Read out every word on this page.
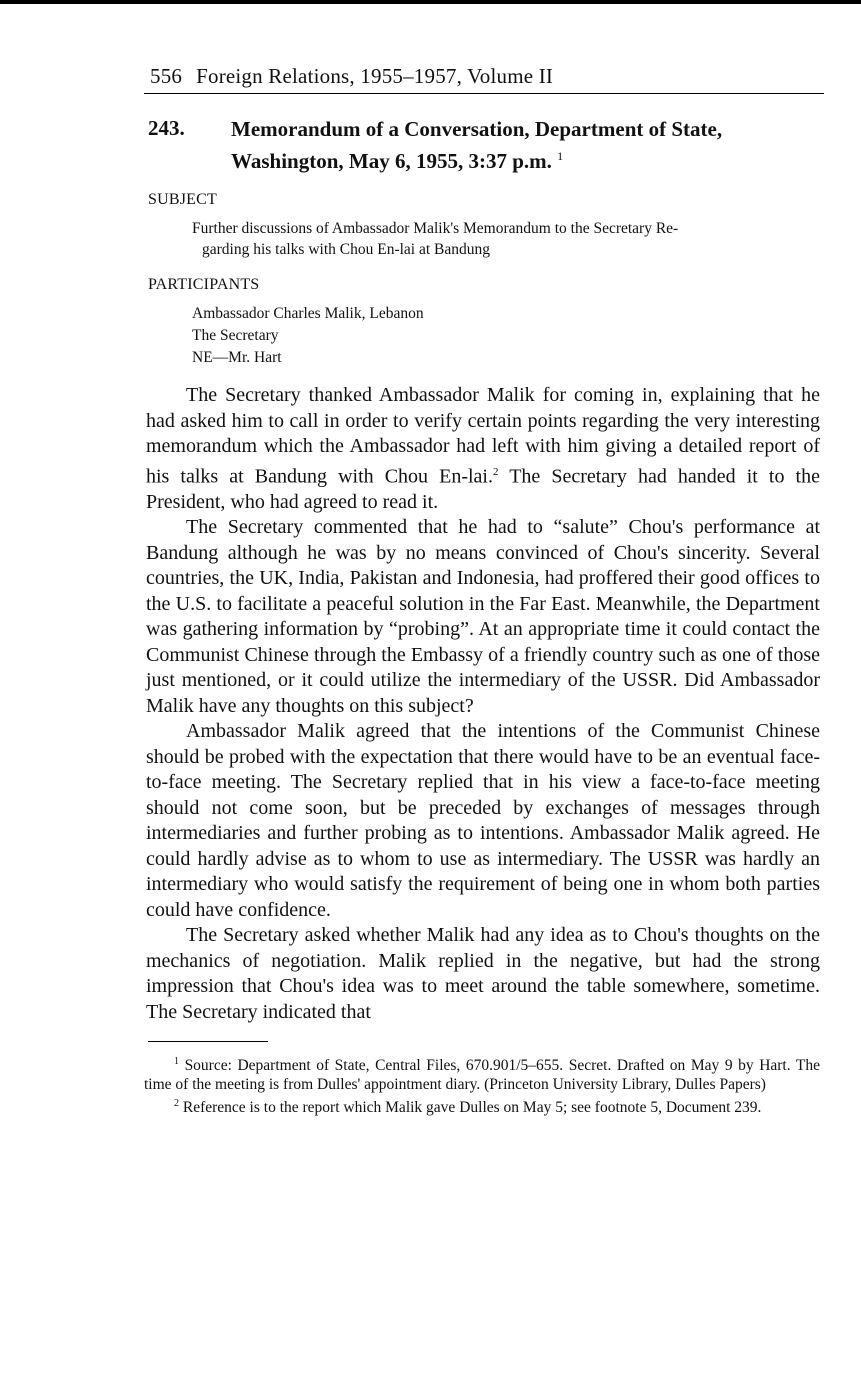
556 Foreign Relations, 1955–1957, Volume II
243.	Memorandum of a Conversation, Department of State,
Washington, May 6, 1955, 3:37 p.m. $^1$
SUBJECT
Further discussions of Ambassador Malik's Memorandum to the Secretary Re-
garding his talks with Chou En-lai at Bandung
PARTICIPANTS
Ambassador Charles Malik, Lebanon
The Secretary
NE—Mr. Hart

The Secretary thanked Ambassador Malik for coming in, explaining that he had asked him to call in order to verify certain points regarding the very interesting memorandum which the Ambassador had left with him giving a detailed report of his talks at Bandung with Chou En-lai.$^2$ The Secretary had handed it to the President, who had agreed to read it.

The Secretary commented that he had to “salute” Chou's performance at Bandung although he was by no means convinced of Chou's sincerity. Several countries, the UK, India, Pakistan and Indonesia, had proffered their good offices to the U.S. to facilitate a peaceful solution in the Far East. Meanwhile, the Department was gathering information by “probing”. At an appropriate time it could contact the Communist Chinese through the Embassy of a friendly country such as one of those just mentioned, or it could utilize the intermediary of the USSR. Did Ambassador Malik have any thoughts on this subject?

Ambassador Malik agreed that the intentions of the Communist Chinese should be probed with the expectation that there would have to be an eventual face-to-face meeting. The Secretary replied that in his view a face-to-face meeting should not come soon, but be preceded by exchanges of messages through intermediaries and further probing as to intentions. Ambassador Malik agreed. He could hardly advise as to whom to use as intermediary. The USSR was hardly an intermediary who would satisfy the requirement of being one in whom both parties could have confidence.

The Secretary asked whether Malik had any idea as to Chou's thoughts on the mechanics of negotiation. Malik replied in the negative, but had the strong impression that Chou's idea was to meet around the table somewhere, sometime. The Secretary indicated that

$^1$ Source: Department of State, Central Files, 670.901/5–655. Secret. Drafted on May 9 by Hart. The time of the meeting is from Dulles' appointment diary. (Princeton University Library, Dulles Papers)

$^2$ Reference is to the report which Malik gave Dulles on May 5; see footnote 5, Document 239.
